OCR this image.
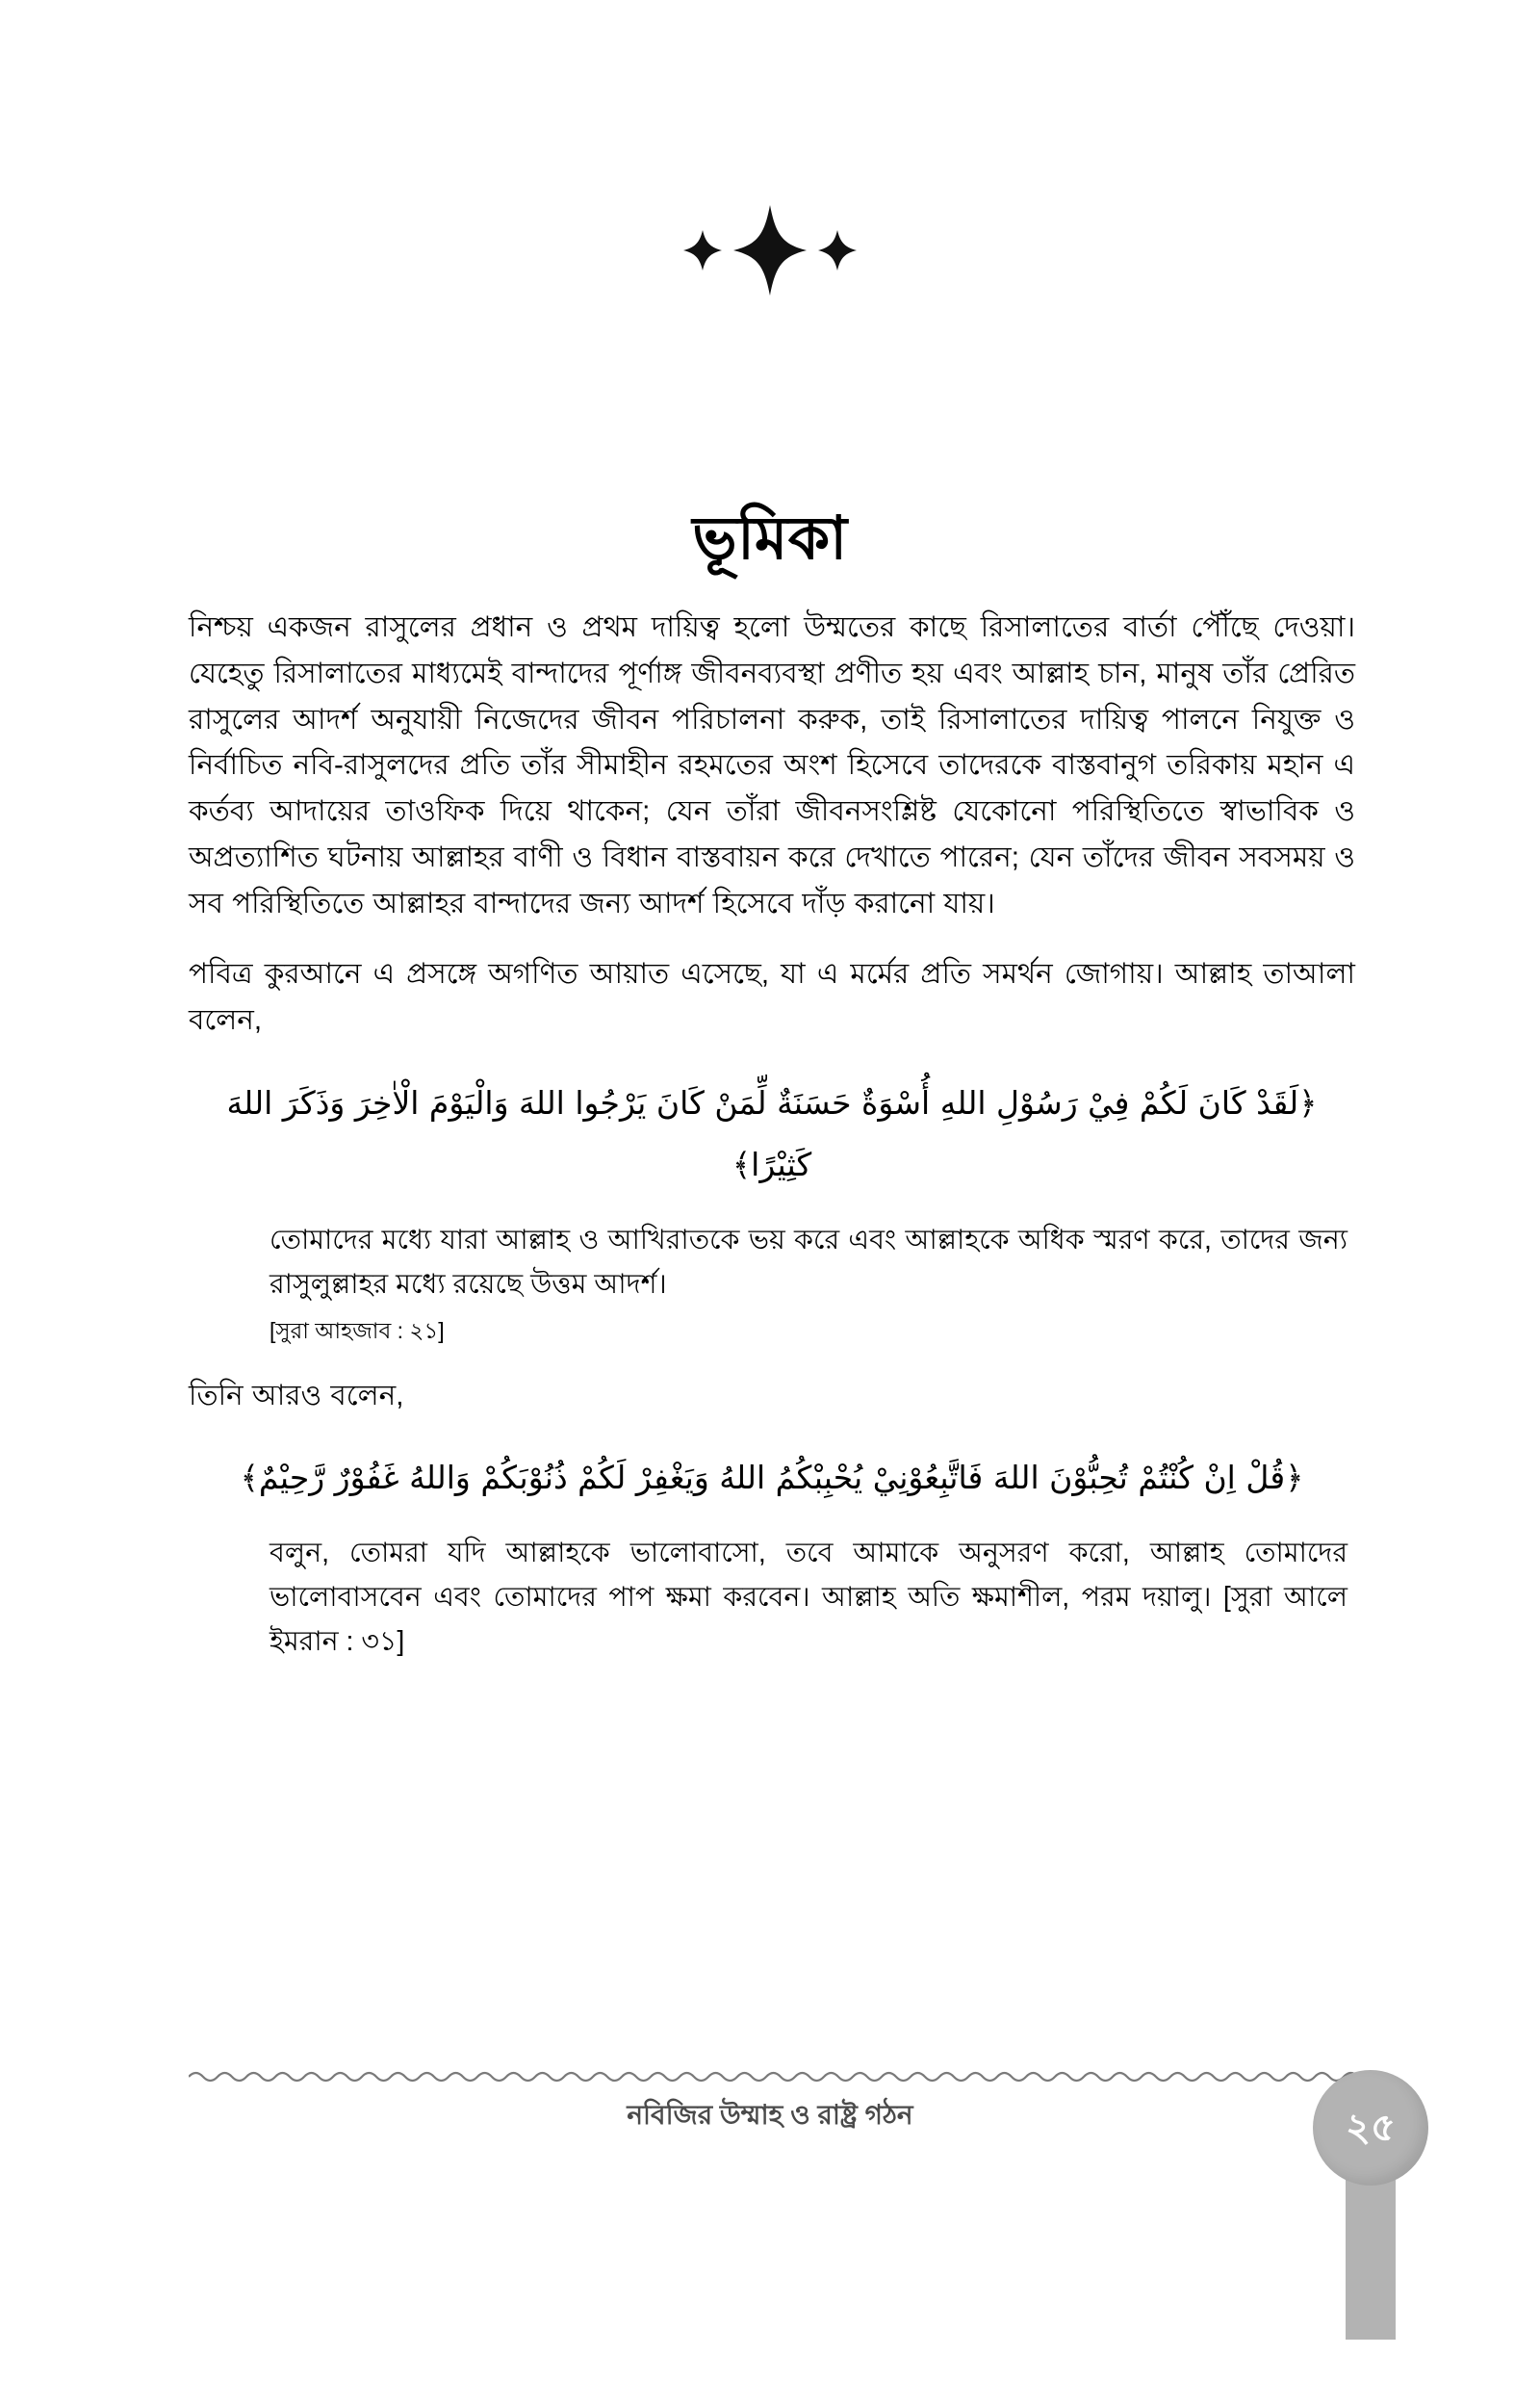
ভূমিকা

নিশ্চয় একজন রাসুলের প্রধান ও প্রথম দায়িত্ব হলো উম্মতের কাছে রিসালাতের বার্তা পৌঁছে দেওয়া। যেহেতু রিসালাতের মাধ্যমেই বান্দাদের পূর্ণাঙ্গ জীবনব্যবস্থা প্রণীত হয় এবং আল্লাহ চান, মানুষ তাঁর প্রেরিত রাসুলের আদর্শ অনুযায়ী নিজেদের জীবন পরিচালনা করুক, তাই রিসালাতের দায়িত্ব পালনে নিযুক্ত ও নির্বাচিত নবি-রাসুলদের প্রতি তাঁর সীমাহীন রহমতের অংশ হিসেবে তাদেরকে বাস্তবানুগ তরিকায় মহান এ কর্তব্য আদায়ের তাওফিক দিয়ে থাকেন; যেন তাঁরা জীবনসংশ্লিষ্ট যেকোনো পরিস্থিতিতে স্বাভাবিক ও অপ্রত্যাশিত ঘটনায় আল্লাহর বাণী ও বিধান বাস্তবায়ন করে দেখাতে পারেন; যেন তাঁদের জীবন সবসময় ও সব পরিস্থিতিতে আল্লাহর বান্দাদের জন্য আদর্শ হিসেবে দাঁড় করানো যায়।

পবিত্র কুরআনে এ প্রসঙ্গে অগণিত আয়াত এসেছে, যা এ মর্মের প্রতি সমর্থন জোগায়। আল্লাহ তাআলা বলেন,

﴿لَقَدْ كَانَ لَكُمْ فِيْ رَسُوْلِ اللهِ أُسْوَةٌ حَسَنَةٌ لِّمَنْ كَانَ يَرْجُوا اللهَ وَالْيَوْمَ الْاٰخِرَ وَذَكَرَ اللهَ كَثِيْرًا﴾

তোমাদের মধ্যে যারা আল্লাহ ও আখিরাতকে ভয় করে এবং আল্লাহকে অধিক স্মরণ করে, তাদের জন্য রাসুলুল্লাহর মধ্যে রয়েছে উত্তম আদর্শ।

[সুরা আহজাব : ২১]

তিনি আরও বলেন,

﴿قُلْ اِنْ كُنْتُمْ تُحِبُّوْنَ اللهَ فَاتَّبِعُوْنِيْ يُحْبِبْكُمُ اللهُ وَيَغْفِرْ لَكُمْ ذُنُوْبَكُمْ وَاللهُ غَفُوْرٌ رَّحِيْمٌ﴾

বলুন, তোমরা যদি আল্লাহকে ভালোবাসো, তবে আমাকে অনুসরণ করো, আল্লাহ তোমাদের ভালোবাসবেন এবং তোমাদের পাপ ক্ষমা করবেন। আল্লাহ অতি ক্ষমাশীল, পরম দয়ালু। [সুরা আলে ইমরান : ৩১]

নবিজির উম্মাহ ও রাষ্ট্র গঠন	২৫
